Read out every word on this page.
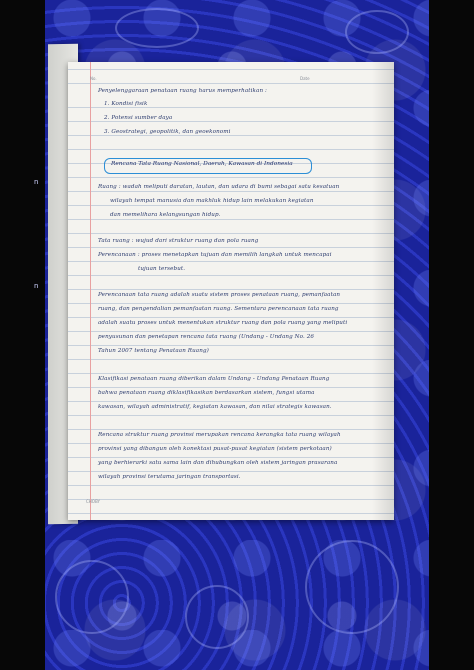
n
n
No.	Date
Rencana Tata Ruang Nasional, Daerah, Kawasan di Indonesia
Penyelenggaraan penataan ruang harus memperhatikan :
1. Kondisi fisik
2. Potensi sumber daya
3. Geostrategi, geopolitik, dan geoekonomi
Ruang : wadah meliputi daratan, lautan, dan udara di bumi sebagai satu kesatuan
wilayah tempat manusia dan makhluk hidup lain melakukan kegiatan
dan memelihara kelangsungan hidup.
Tata ruang : wujud dari struktur ruang dan pola ruang
Perencanaan : proses menetapkan tujuan dan memilih langkah untuk mencapai
tujuan tersebut.
Perencanaan tata ruang adalah suatu sistem proses penataan ruang, pemanfaatan
ruang, dan pengendalian pemanfaatan ruang. Sementara perencanaan tata ruang
adalah suatu proses untuk menentukan struktur ruang dan pola ruang yang meliputi
penyusunan dan penetapan rencana tata ruang (Undang - Undang No. 26
Tahun 2007 tentang Penataan Ruang)
Klasifikasi penataan ruang diberikan dalam Undang - Undang Penataan Ruang
bahwa penataan ruang diklasifikasikan berdasarkan sistem, fungsi utama
kawasan, wilayah administratif, kegiatan kawasan, dan nilai strategis kawasan.
Rencana struktur ruang provinsi merupakan rencana kerangka tata ruang wilayah
provinsi yang dibangun oleh konektasi pusat-pusat kegiatan (sistem perkotaan)
yang berhierarki satu sama lain dan dihubungkan oleh sistem jaringan prasarana
wilayah provinsi terutama jaringan transportasi.
CHOBY
